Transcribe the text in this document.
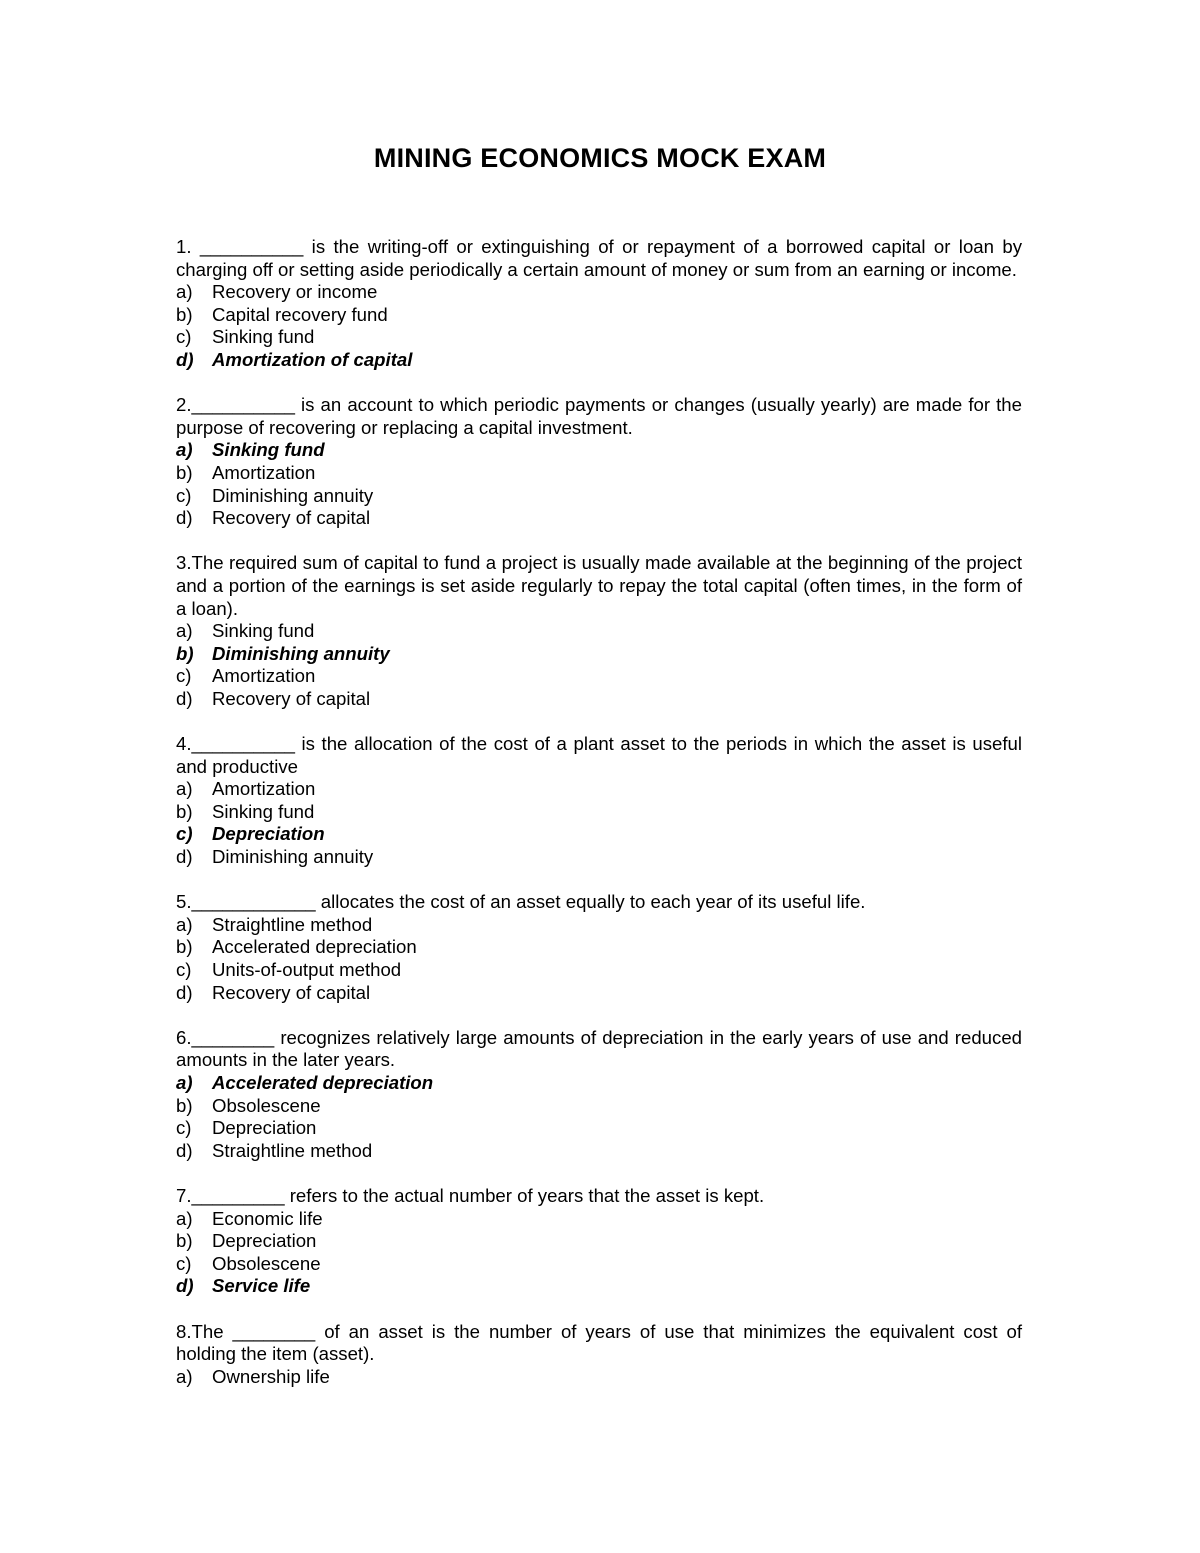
MINING ECONOMICS MOCK EXAM

1. __________ is the writing-off or extinguishing of or repayment of a borrowed capital or loan by charging off or setting aside periodically a certain amount of money or sum from an earning or income.

a)	Recovery or income
b)	Capital recovery fund
c)	Sinking fund
d) Amortization of capital

2.__________ is an account to which periodic payments or changes (usually yearly) are made for the purpose of recovering or replacing a capital investment.

a)	Sinking fund
b)	Amortization
c)	Diminishing annuity
d)	Recovery of capital

3.The required sum of capital to fund a project is usually made available at the beginning of the project and a portion of the earnings is set aside regularly to repay the total capital (often times, in the form of a loan).

a)	Sinking fund
b) Diminishing annuity
c)	Amortization
d)	Recovery of capital

4.__________ is the allocation of the cost of a plant asset to the periods in which the asset is useful and productive

a)	Amortization
b)	Sinking fund
c)	Depreciation
d)	Diminishing annuity

5.____________ allocates the cost of an asset equally to each year of its useful life.

a)	Straightline method
b)	Accelerated depreciation
c)	Units-of-output method
d)	Recovery of capital

6.________ recognizes relatively large amounts of depreciation in the early years of use and reduced amounts in the later years.

a)	Accelerated depreciation
b)	Obsolescene
c)	Depreciation
d)	Straightline method

7._________ refers to the actual number of years that the asset is kept.

a)	Economic life
b)	Depreciation
c)	Obsolescene
d) Service life

8.The ________ of an asset is the number of years of use that minimizes the equivalent cost of holding the item (asset).

a)	Ownership life
